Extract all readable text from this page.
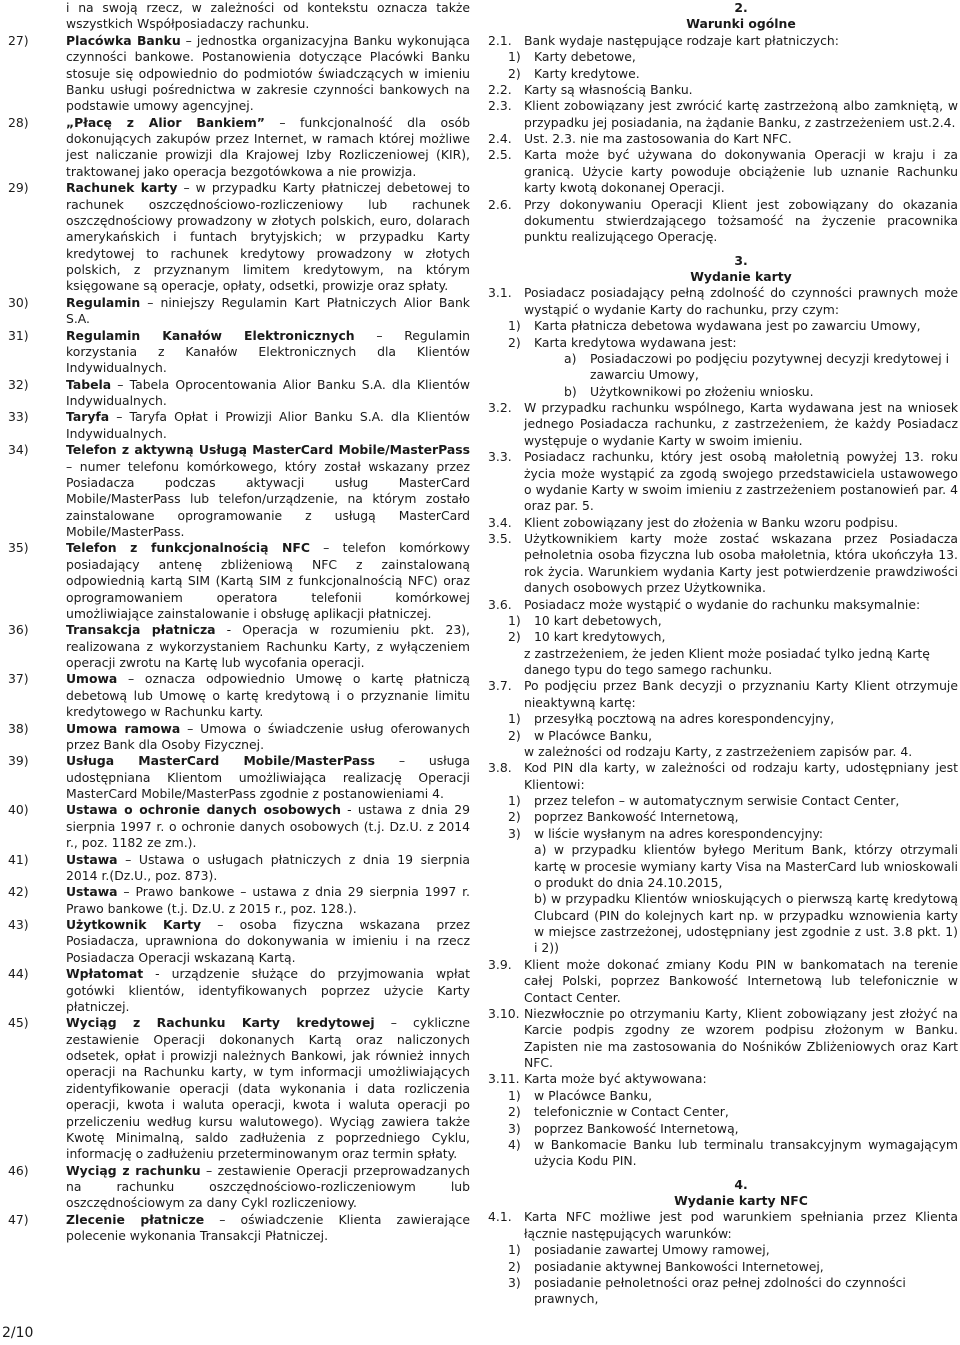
i na swoją rzecz, w zależności od kontekstu oznacza także wszystkich Współposiadaczy rachunku.
27)	Placówka Banku – jednostka organizacyjna Banku wykonująca czynności bankowe. Postanowienia dotyczące Placówki Banku stosuje się odpowiednio do podmiotów świadczących w imieniu Banku usługi pośrednictwa w zakresie czynności bankowych na podstawie umowy agencyjnej.
28)	„Płacę z Alior Bankiem” – funkcjonalność dla osób dokonujących zakupów przez Internet, w ramach której możliwe jest naliczanie prowizji dla Krajowej Izby Rozliczeniowej (KIR), traktowanej jako operacja bezgotówkowa a nie prowizja.
29)	Rachunek karty – w przypadku Karty płatniczej debetowej to rachunek oszczędnościowo-rozliczeniowy lub rachunek oszczędnościowy prowadzony w złotych polskich, euro, dolarach amerykańskich i funtach brytyjskich; w przypadku Karty kredytowej to rachunek kredytowy prowadzony w złotych polskich, z przyznanym limitem kredytowym, na którym księgowane są operacje, opłaty, odsetki, prowizje oraz spłaty.
30)	Regulamin – niniejszy Regulamin Kart Płatniczych Alior Bank S.A.
31)	Regulamin Kanałów Elektronicznych – Regulamin korzystania z Kanałów Elektronicznych dla Klientów Indywidualnych.
32)	Tabela – Tabela Oprocentowania Alior Banku S.A. dla Klientów Indywidualnych.
33)	Taryfa – Taryfa Opłat i Prowizji Alior Banku S.A. dla Klientów Indywidualnych.
34)	Telefon z aktywną Usługą MasterCard Mobile/MasterPass – numer telefonu komórkowego, który został wskazany przez Posiadacza podczas aktywacji usług MasterCard Mobile/MasterPass lub telefon/urządzenie, na którym zostało zainstalowane oprogramowanie z usługą MasterCard Mobile/MasterPass.
35)	Telefon z funkcjonalnością NFC – telefon komórkowy posiadający antenę zbliżeniową NFC z zainstalowaną odpowiednią kartą SIM (Kartą SIM z funkcjonalnością NFC) oraz oprogramowaniem operatora telefonii komórkowej umożliwiające zainstalowanie i obsługę aplikacji płatniczej.
36)	Transakcja płatnicza - Operacja w rozumieniu pkt. 23), realizowana z wykorzystaniem Rachunku Karty, z wyłączeniem operacji zwrotu na Kartę lub wycofania operacji.
37)	Umowa – oznacza odpowiednio Umowę o kartę płatniczą debetową lub Umowę o kartę kredytową i o przyznanie limitu kredytowego w Rachunku karty.
38)	Umowa ramowa – Umowa o świadczenie usług oferowanych przez Bank dla Osoby Fizycznej.
39)	Usługa MasterCard Mobile/MasterPass – usługa udostępniana Klientom umożliwiająca realizację Operacji MasterCard Mobile/MasterPass zgodnie z postanowieniami 4.
40)	Ustawa o ochronie danych osobowych - ustawa z dnia 29 sierpnia 1997 r. o ochronie danych osobowych (t.j. Dz.U. z 2014 r., poz. 1182 ze zm.).
41)	Ustawa – Ustawa o usługach płatniczych z dnia 19 sierpnia 2014 r.(Dz.U., poz. 873).
42)	Ustawa – Prawo bankowe – ustawa z dnia 29 sierpnia 1997 r. Prawo bankowe (t.j. Dz.U. z 2015 r., poz. 128.).
43)	Użytkownik Karty – osoba fizyczna wskazana przez Posiadacza, uprawniona do dokonywania w imieniu i na rzecz Posiadacza Operacji wskazaną Kartą.
44)	Wpłatomat - urządzenie służące do przyjmowania wpłat gotówki klientów, identyfikowanych poprzez użycie Karty płatniczej.
45)	Wyciąg z Rachunku Karty kredytowej – cykliczne zestawienie Operacji dokonanych Kartą oraz naliczonych odsetek, opłat i prowizji należnych Bankowi, jak również innych operacji na Rachunku karty, w tym informacji umożliwiających zidentyfikowanie operacji (data wykonania i data rozliczenia operacji, kwota i waluta operacji, kwota i waluta operacji po przeliczeniu według kursu walutowego). Wyciąg zawiera także Kwotę Minimalną, saldo zadłużenia z poprzedniego Cyklu, informację o zadłużeniu przeterminowanym oraz termin spłaty.
46)	Wyciąg z rachunku – zestawienie Operacji przeprowadzanych na rachunku oszczędnościowo-rozliczeniowym lub oszczędnościowym za dany Cykl rozliczeniowy.
47)	Zlecenie płatnicze – oświadczenie Klienta zawierające polecenie wykonania Transakcji Płatniczej.
2.
Warunki ogólne
2.1. Bank wydaje następujące rodzaje kart płatniczych:
1) Karty debetowe,
2) Karty kredytowe.
2.2. Karty są własnością Banku.
2.3. Klient zobowiązany jest zwrócić kartę zastrzeżoną albo zamkniętą, w przypadku jej posiadania, na żądanie Banku, z zastrzeżeniem ust.2.4.
2.4. Ust. 2.3. nie ma zastosowania do Kart NFC.
2.5. Karta może być używana do dokonywania Operacji w kraju i za granicą. Użycie karty powoduje obciążenie lub uznanie Rachunku karty kwotą dokonanej Operacji.
2.6. Przy dokonywaniu Operacji Klient jest zobowiązany do okazania dokumentu stwierdzającego tożsamość na życzenie pracownika punktu realizującego Operację.
3.
Wydanie karty
3.1. Posiadacz posiadający pełną zdolność do czynności prawnych może wystąpić o wydanie Karty do rachunku, przy czym:
1) Karta płatnicza debetowa wydawana jest po zawarciu Umowy,
2) Karta kredytowa wydawana jest:
a) Posiadaczowi po podjęciu pozytywnej decyzji kredytowej i zawarciu Umowy,
b) Użytkownikowi po złożeniu wniosku.
3.2. W przypadku rachunku wspólnego, Karta wydawana jest na wniosek jednego Posiadacza rachunku, z zastrzeżeniem, że każdy Posiadacz występuje o wydanie Karty w swoim imieniu.
3.3. Posiadacz rachunku, który jest osobą małoletnią powyżej 13. roku życia może wystąpić za zgodą swojego przedstawiciela ustawowego o wydanie Karty w swoim imieniu z zastrzeżeniem postanowień par. 4 oraz par. 5.
3.4. Klient zobowiązany jest do złożenia w Banku wzoru podpisu.
3.5. Użytkownikiem karty może zostać wskazana przez Posiadacza pełnoletnia osoba fizyczna lub osoba małoletnia, która ukończyła 13. rok życia. Warunkiem wydania Karty jest potwierdzenie prawdziwości danych osobowych przez Użytkownika.
3.6. Posiadacz może wystąpić o wydanie do rachunku maksymalnie:
1) 10 kart debetowych,
2) 10 kart kredytowych,
z zastrzeżeniem, że jeden Klient może posiadać tylko jedną Kartę danego typu do tego samego rachunku.
3.7. Po podjęciu przez Bank decyzji o przyznaniu Karty Klient otrzymuje nieaktywną kartę:
1) przesyłką pocztową na adres korespondencyjny,
2) w Placówce Banku,
w zależności od rodzaju Karty, z zastrzeżeniem zapisów par. 4.
3.8. Kod PIN dla karty, w zależności od rodzaju karty, udostępniany jest Klientowi:
1) przez telefon – w automatycznym serwisie Contact Center,
2) poprzez Bankowość Internetową,
3) w liście wysłanym na adres korespondencyjny:
a) w przypadku klientów byłego Meritum Bank, którzy otrzymali kartę w procesie wymiany karty Visa na MasterCard lub wnioskowali o produkt do dnia 24.10.2015,
b) w przypadku Klientów wnioskujących o pierwszą kartę kredytową Clubcard (PIN do kolejnych kart np. w przypadku wznowienia karty w miejsce zastrzeżonej, udostępniany jest zgodnie z ust. 3.8 pkt. 1) i 2))
3.9. Klient może dokonać zmiany Kodu PIN w bankomatach na terenie całej Polski, poprzez Bankowość Internetową lub telefonicznie w Contact Center.
3.10. Niezwłocznie po otrzymaniu Karty, Klient zobowiązany jest złożyć na Karcie podpis zgodny ze wzorem podpisu złożonym w Banku. Zapisten nie ma zastosowania do Nośników Zbliżeniowych oraz Kart NFC.
3.11. Karta może być aktywowana:
1) w Placówce Banku,
2) telefonicznie w Contact Center,
3) poprzez Bankowość Internetową,
4) w Bankomacie Banku lub terminalu transakcyjnym wymagającym użycia Kodu PIN.
4.
Wydanie karty NFC
4.1. Karta NFC możliwe jest pod warunkiem spełniania przez Klienta łącznie następujących warunków:
1) posiadanie zawartej Umowy ramowej,
2) posiadanie aktywnej Bankowości Internetowej,
3) posiadanie pełnoletności oraz pełnej zdolności do czynności prawnych,
2/10
